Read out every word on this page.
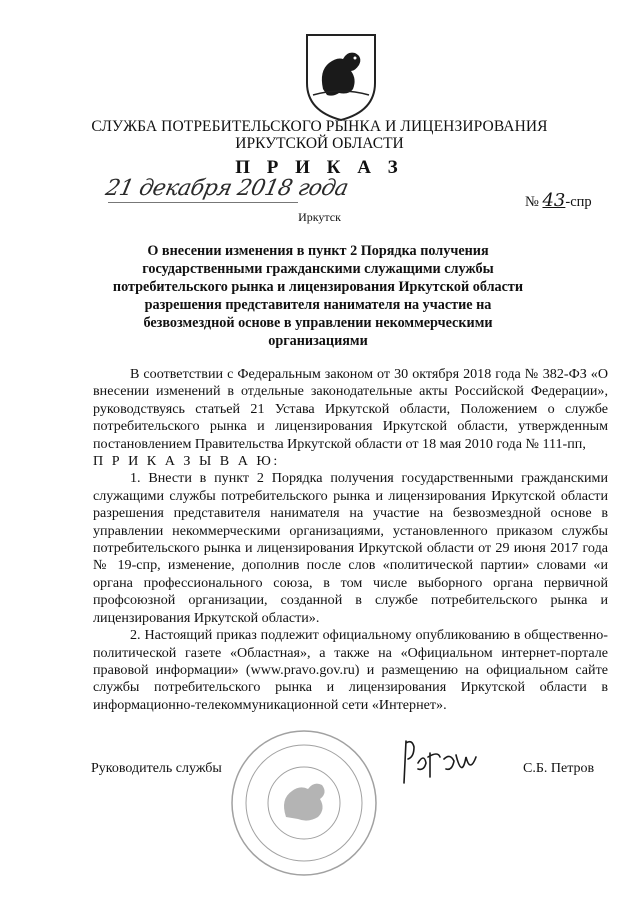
СЛУЖБА ПОТРЕБИТЕЛЬСКОГО РЫНКА И ЛИЦЕНЗИРОВАНИЯ
ИРКУТСКОЙ ОБЛАСТИ
П Р И К А З
21 декабря 2018 года
№ 43-спр
Иркутск
О внесении изменения в пункт 2 Порядка получения государственными гражданскими служащими службы потребительского рынка и лицензирования Иркутской области разрешения представителя нанимателя на участие на безвозмездной основе в управлении некоммерческими организациями

В соответствии с Федеральным законом от 30 октября 2018 года № 382-ФЗ «О внесении изменений в отдельные законодательные акты Российской Федерации», руководствуясь статьей 21 Устава Иркутской области, Положением о службе потребительского рынка и лицензирования Иркутской области, утвержденным постановлением Правительства Иркутской области от 18 мая 2010 года № 111-пп,

П Р И К А З Ы В А Ю:

1. Внести в пункт 2 Порядка получения государственными гражданскими служащими службы потребительского рынка и лицензирования Иркутской области разрешения представителя нанимателя на участие на безвозмездной основе в управлении некоммерческими организациями, установленного приказом службы потребительского рынка и лицензирования Иркутской области от 29 июня 2017 года № 19-спр, изменение, дополнив после слов «политической партии» словами «и органа профессионального союза, в том числе выборного органа первичной профсоюзной организации, созданной в службе потребительского рынка и лицензирования Иркутской области».

2. Настоящий приказ подлежит официальному опубликованию в общественно-политической газете «Областная», а также на «Официальном интернет-портале правовой информации» (www.pravo.gov.ru) и размещению на официальном сайте службы потребительского рынка и лицензирования Иркутской области в информационно-телекоммуникационной сети «Интернет».

Руководитель службы	С.Б. Петров
